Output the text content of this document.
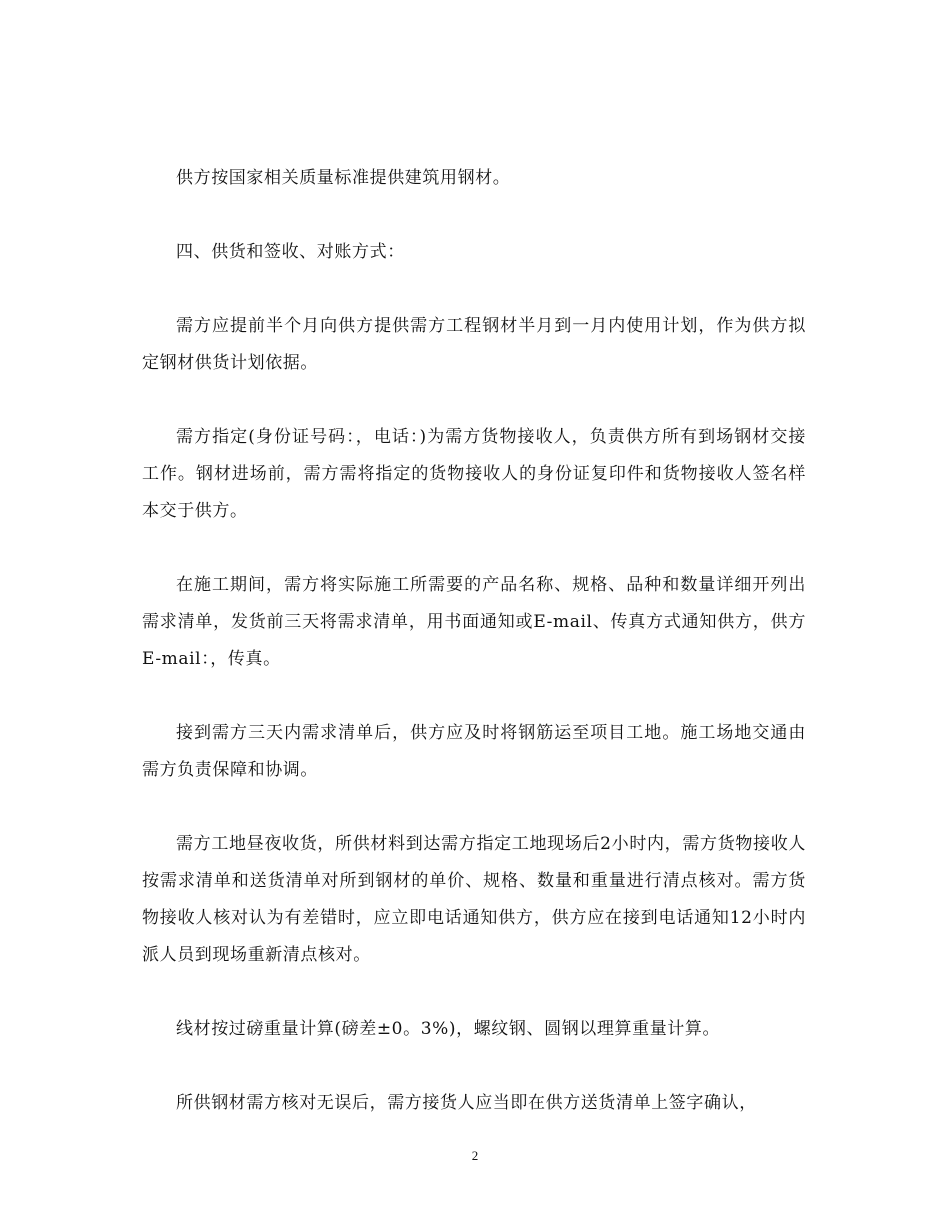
供方按国家相关质量标准提供建筑用钢材。

四、供货和签收、对账方式：

需方应提前半个月向供方提供需方工程钢材半月到一月内使用计划，作为供方拟定钢材供货计划依据。

需方指定(身份证号码：，电话：)为需方货物接收人，负责供方所有到场钢材交接工作。钢材进场前，需方需将指定的货物接收人的身份证复印件和货物接收人签名样本交于供方。

在施工期间，需方将实际施工所需要的产品名称、规格、品种和数量详细开列出需求清单，发货前三天将需求清单，用书面通知或E-mail、传真方式通知供方，供方E-mail：，传真。

接到需方三天内需求清单后，供方应及时将钢筋运至项目工地。施工场地交通由需方负责保障和协调。

需方工地昼夜收货，所供材料到达需方指定工地现场后2小时内，需方货物接收人按需求清单和送货清单对所到钢材的单价、规格、数量和重量进行清点核对。需方货物接收人核对认为有差错时，应立即电话通知供方，供方应在接到电话通知12小时内派人员到现场重新清点核对。

线材按过磅重量计算(磅差±0。3%)，螺纹钢、圆钢以理算重量计算。

所供钢材需方核对无误后，需方接货人应当即在供方送货清单上签字确认，

2
